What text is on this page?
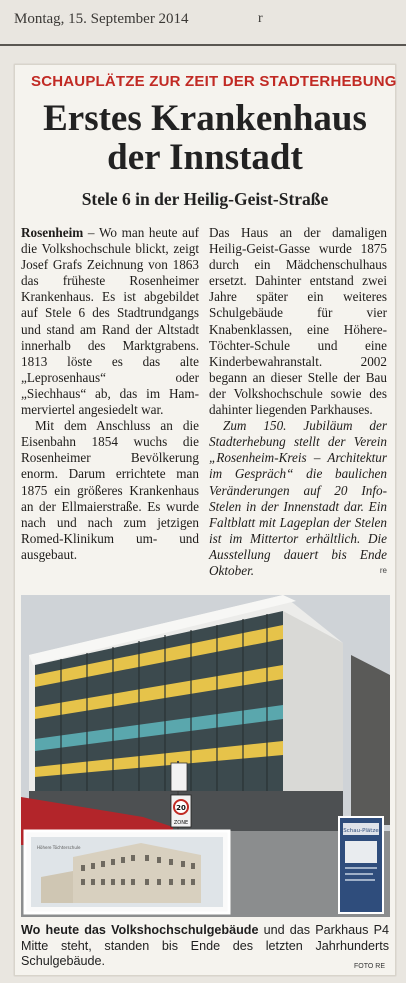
Montag, 15. September 2014	r
SCHAUPLÄTZE ZUR ZEIT DER STADTERHEBUNG
Erstes Krankenhaus
der Innstadt
Stele 6 in der Heilig-Geist-Straße

Rosenheim – Wo man heute auf die Volkshochschule blickt, zeigt Josef Grafs Zeichnung von 1863 das früheste Rosenheimer Krankenhaus. Es ist abgebildet auf Stele 6 des Stadtrundgangs und stand am Rand der Altstadt innerhalb des Marktgrabens. 1813 löste es das alte „Leprosenhaus“ oder „Siechhaus“ ab, das im Hammerviertel angesiedelt war.

Mit dem Anschluss an die Eisenbahn 1854 wuchs die Rosenheimer Bevölkerung enorm. Darum errichtete man 1875 ein größeres Krankenhaus an der Ellmaierstraße. Es wurde nach und nach zum jetzigen Romed-Klinikum um- und ausgebaut.

Das Haus an der damaligen Heilig-Geist-Gasse wurde 1875 durch ein Mädchenschulhaus ersetzt. Dahinter entstand zwei Jahre später ein weiteres Schulgebäude für vier Knabenklassen, eine Höhere-Töchter-Schule und eine Kinderbewahranstalt. 2002 begann an dieser Stelle der Bau der Volkshochschule sowie des dahinter liegenden Parkhauses.

Zum 150. Jubiläum der Stadterhebung stellt der Verein „Rosenheim-Kreis – Architektur im Gespräch“ die baulichen Veränderungen auf 20 Info-Stelen in der Innenstadt dar. Ein Faltblatt mit Lageplan der Stelen ist im Mittertor erhältlich. Die Ausstellung dauert bis Ende Oktober.	re
20
ZONE
Höhere Töchterschule
Schau-Plätze
Wo heute das Volkshochschulgebäude und das Parkhaus P4 Mitte steht, standen bis Ende des letzten Jahrhunderts Schulgebäude.	FOTO RE
